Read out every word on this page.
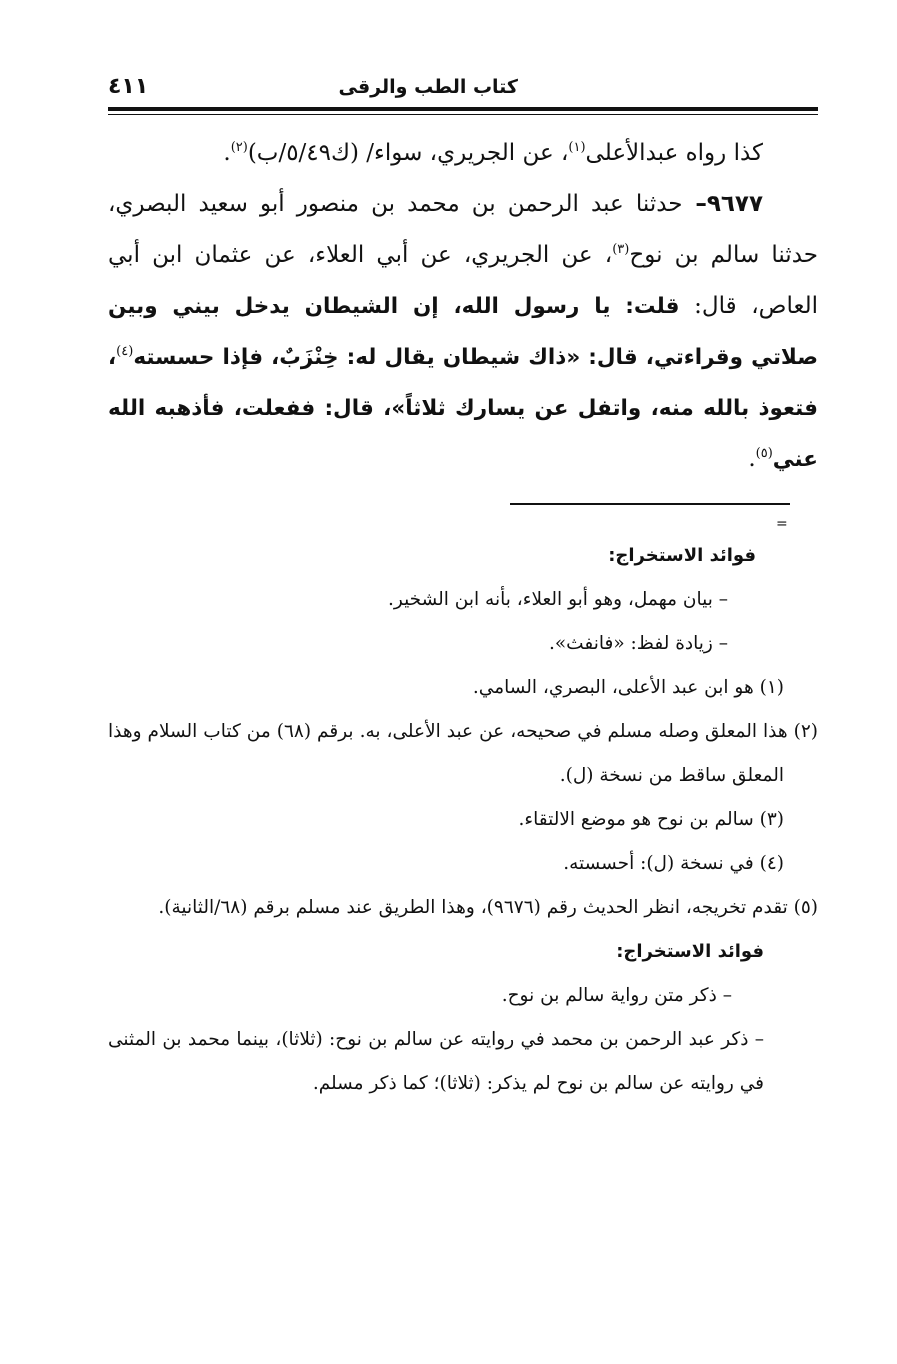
٤١١	كتاب الطب والرقى

كذا رواه عبدالأعلى$^{(١)}$، عن الجريري، سواء/ (ك٥/٤٩/ب)$^{(٢)}$.

٩٦٧٧– حدثنا عبد الرحمن بن محمد بن منصور أبو سعيد البصري، حدثنا سالم بن نوح$^{(٣)}$، عن الجريري، عن أبي العلاء، عن عثمان ابن أبي العاص، قال: قلت: يا رسول الله، إن الشيطان يدخل بيني وبين صلاتي وقراءتي، قال: «ذاك شيطان يقال له: خِنْزَبٌ، فإذا حسسته$^{(٤)}$، فتعوذ بالله منه، واتفل عن يسارك ثلاثاً»، قال: ففعلت، فأذهبه الله عني$^{(٥)}$.

=

فوائد الاستخراج:

– بيان مهمل، وهو أبو العلاء، بأنه ابن الشخير.

– زيادة لفظ: «فانفث».

(١) هو ابن عبد الأعلى، البصري، السامي.

(٢) هذا المعلق وصله مسلم في صحيحه، عن عبد الأعلى، به. برقم (٦٨) من كتاب السلام وهذا المعلق ساقط من نسخة (ل).

(٣) سالم بن نوح هو موضع الالتقاء.

(٤) في نسخة (ل): أحسسته.

(٥) تقدم تخريجه، انظر الحديث رقم (٩٦٧٦)، وهذا الطريق عند مسلم برقم (٦٨/الثانية).

فوائد الاستخراج:

– ذكر متن رواية سالم بن نوح.

– ذكر عبد الرحمن بن محمد في روايته عن سالم بن نوح: (ثلاثا)، بينما محمد بن المثنى في روايته عن سالم بن نوح لم يذكر: (ثلاثا)؛ كما ذكر مسلم.
